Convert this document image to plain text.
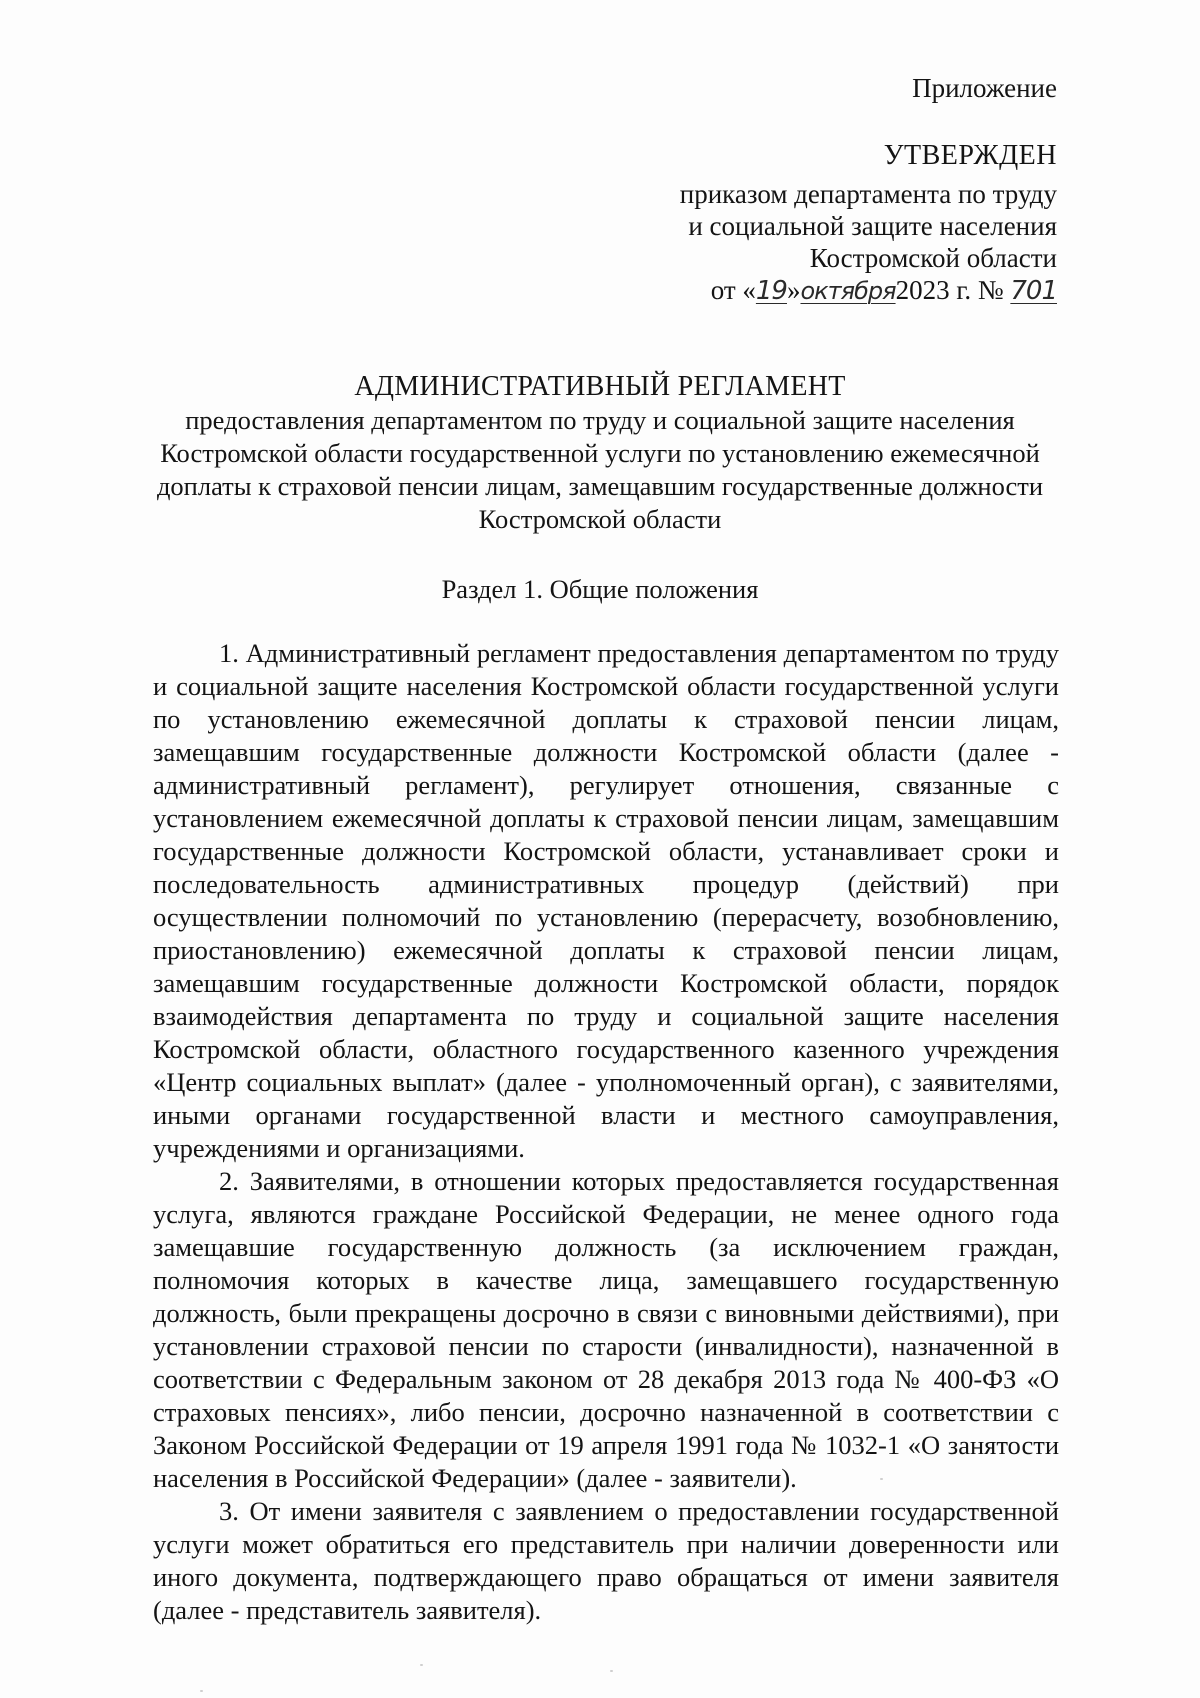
Приложение
УТВЕРЖДЕН
приказом департамента по труду
и социальной защите населения
Костромской области
от «19»октября2023 г. № 701
АДМИНИСТРАТИВНЫЙ РЕГЛАМЕНТ
предоставления департаментом по труду и социальной защите населения
Костромской области государственной услуги по установлению ежемесячной
доплаты к страховой пенсии лицам, замещавшим государственные должности
Костромской области
Раздел 1. Общие положения

1. Административный регламент предоставления департаментом по труду и социальной защите населения Костромской области государственной услуги по установлению ежемесячной доплаты к страховой пенсии лицам, замещавшим государственные должности Костромской области (далее - административный регламент), регулирует отношения, связанные с установлением ежемесячной доплаты к страховой пенсии лицам, замещавшим государственные должности Костромской области, устанавливает сроки и последовательность административных процедур (действий) при осуществлении полномочий по установлению (перерасчету, возобновлению, приостановлению) ежемесячной доплаты к страховой пенсии лицам, замещавшим государственные должности Костромской области, порядок взаимодействия департамента по труду и социальной защите населения Костромской области, областного государственного казенного учреждения «Центр социальных выплат» (далее - уполномоченный орган), с заявителями, иными органами государственной власти и местного самоуправления, учреждениями и организациями.

2. Заявителями, в отношении которых предоставляется государственная услуга, являются граждане Российской Федерации, не менее одного года замещавшие государственную должность (за исключением граждан, полномочия которых в качестве лица, замещавшего государственную должность, были прекращены досрочно в связи с виновными действиями), при установлении страховой пенсии по старости (инвалидности), назначенной в соответствии с Федеральным законом от 28 декабря 2013 года № 400-ФЗ «О страховых пенсиях», либо пенсии, досрочно назначенной в соответствии с Законом Российской Федерации от 19 апреля 1991 года № 1032-1 «О занятости населения в Российской Федерации» (далее - заявители).

3. От имени заявителя с заявлением о предоставлении государственной услуги может обратиться его представитель при наличии доверенности или иного документа, подтверждающего право обращаться от имени заявителя (далее - представитель заявителя).
